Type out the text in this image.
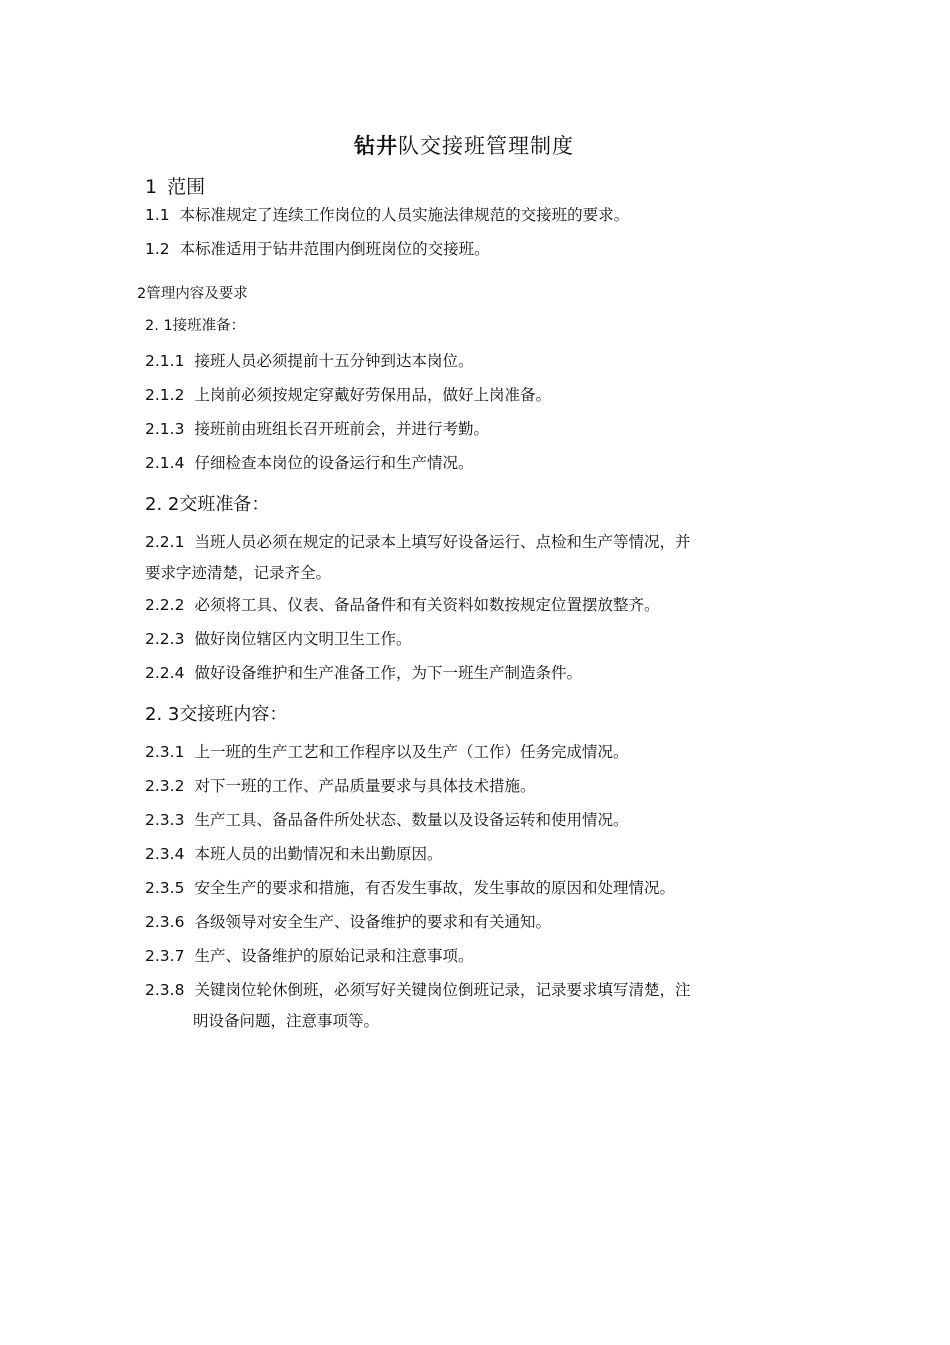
钻井队交接班管理制度
1 范围
1.1 本标准规定了连续工作岗位的人员实施法律规范的交接班的要求。
1.2 本标准适用于钻井范围内倒班岗位的交接班。
2管理内容及要求
2. 1接班准备：
2.1.1 接班人员必须提前十五分钟到达本岗位。
2.1.2 上岗前必须按规定穿戴好劳保用品，做好上岗准备。
2.1.3 接班前由班组长召开班前会，并进行考勤。
2.1.4 仔细检查本岗位的设备运行和生产情况。
2. 2交班准备：
2.2.1 当班人员必须在规定的记录本上填写好设备运行、点检和生产等情况，并
要求字迹清楚，记录齐全。
2.2.2 必须将工具、仪表、备品备件和有关资料如数按规定位置摆放整齐。
2.2.3 做好岗位辖区内文明卫生工作。
2.2.4 做好设备维护和生产准备工作，为下一班生产制造条件。
2. 3交接班内容：
2.3.1 上一班的生产工艺和工作程序以及生产（工作）任务完成情况。
2.3.2 对下一班的工作、产品质量要求与具体技术措施。
2.3.3 生产工具、备品备件所处状态、数量以及设备运转和使用情况。
2.3.4 本班人员的出勤情况和未出勤原因。
2.3.5 安全生产的要求和措施，有否发生事故，发生事故的原因和处理情况。
2.3.6 各级领导对安全生产、设备维护的要求和有关通知。
2.3.7 生产、设备维护的原始记录和注意事项。
2.3.8 关键岗位轮休倒班，必须写好关键岗位倒班记录，记录要求填写清楚，注
明设备问题，注意事项等。
